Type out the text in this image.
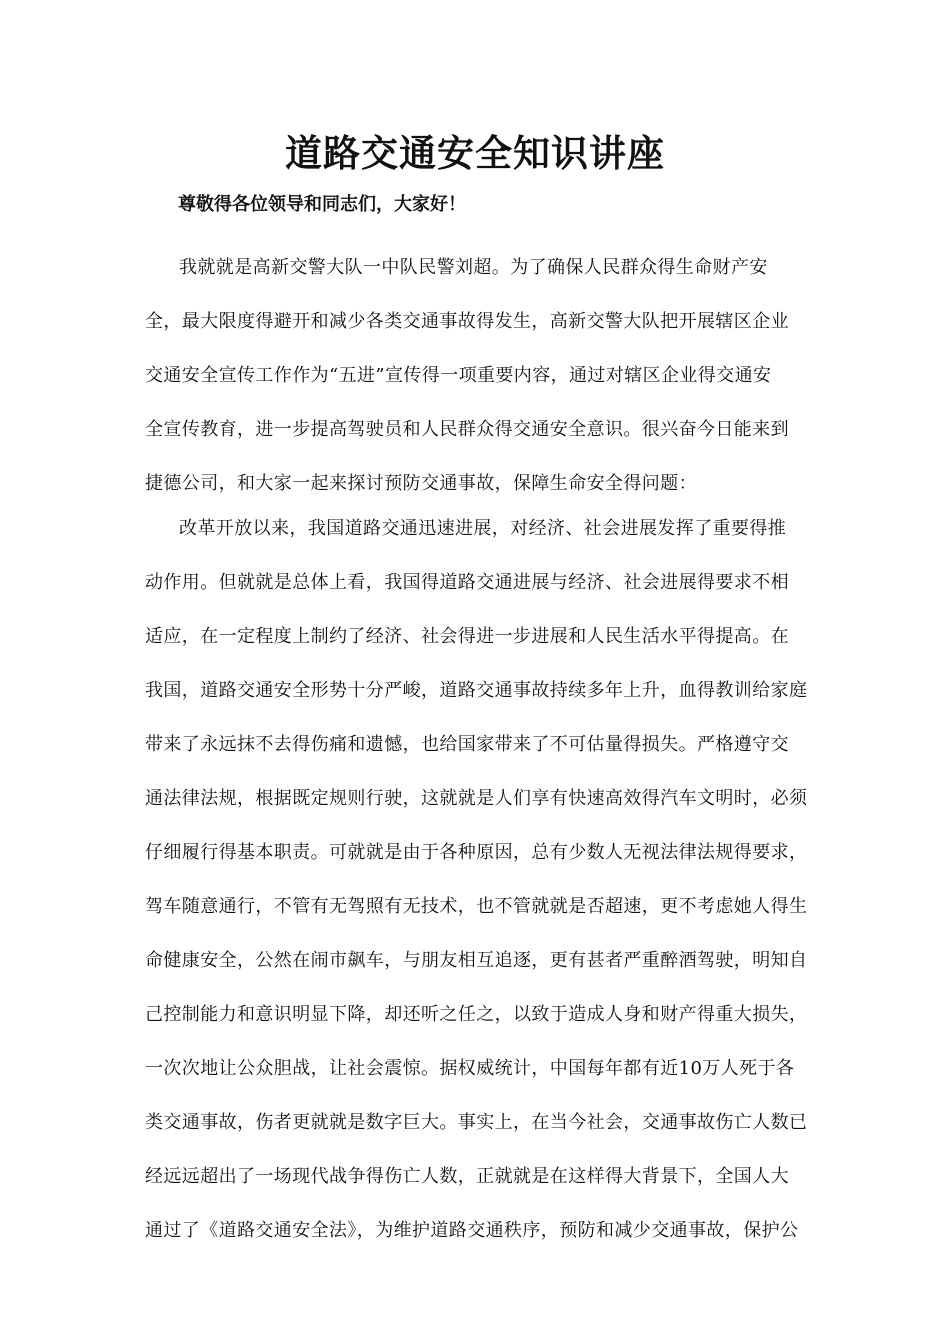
道路交通安全知识讲座

尊敬得各位领导和同志们，大家好！

我就就是高新交警大队一中队民警刘超。为了确保人民群众得生命财产安
全，最大限度得避开和减少各类交通事故得发生，高新交警大队把开展辖区企业
交通安全宣传工作作为“五进”宣传得一项重要内容，通过对辖区企业得交通安
全宣传教育，进一步提高驾驶员和人民群众得交通安全意识。很兴奋今日能来到
捷德公司，和大家一起来探讨预防交通事故，保障生命安全得问题：
改革开放以来，我国道路交通迅速进展，对经济、社会进展发挥了重要得推
动作用。但就就是总体上看，我国得道路交通进展与经济、社会进展得要求不相
适应，在一定程度上制约了经济、社会得进一步进展和人民生活水平得提高。在
我国，道路交通安全形势十分严峻，道路交通事故持续多年上升，血得教训给家庭
带来了永远抹不去得伤痛和遗憾，也给国家带来了不可估量得损失。严格遵守交
通法律法规，根据既定规则行驶，这就就是人们享有快速高效得汽车文明时，必须
仔细履行得基本职责。可就就是由于各种原因，总有少数人无视法律法规得要求，
驾车随意通行，不管有无驾照有无技术，也不管就就是否超速，更不考虑她人得生
命健康安全，公然在闹市飙车，与朋友相互追逐，更有甚者严重醉酒驾驶，明知自
己控制能力和意识明显下降，却还听之任之，以致于造成人身和财产得重大损失，
一次次地让公众胆战，让社会震惊。据权威统计，中国每年都有近10万人死于各
类交通事故，伤者更就就是数字巨大。事实上，在当今社会，交通事故伤亡人数已
经远远超出了一场现代战争得伤亡人数，正就就是在这样得大背景下，全国人大
通过了《道路交通安全法》，为维护道路交通秩序，预防和减少交通事故，保护公
